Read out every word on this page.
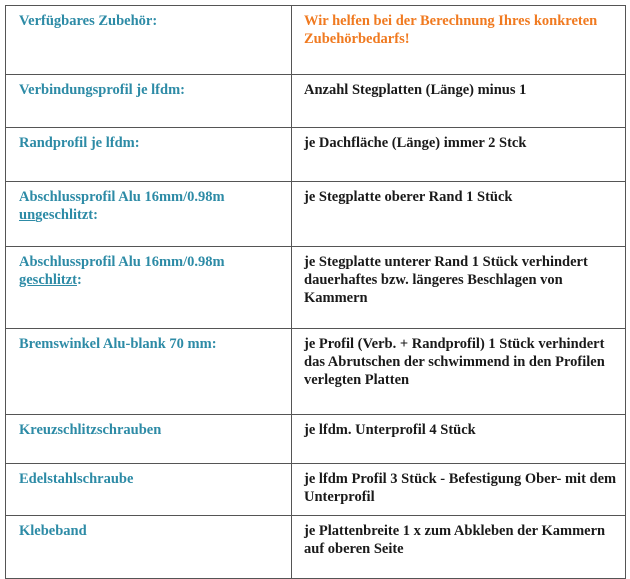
Verfügbares Zubehör:	Wir helfen bei der Berechnung Ihres konkreten Zubehörbedarfs!
Verbindungsprofil je lfdm:	Anzahl Stegplatten (Länge) minus 1
Randprofil je lfdm:	je Dachfläche (Länge) immer 2 Stck
Abschlussprofil Alu 16mm/0.98m
ungeschlitzt:	je Stegplatte oberer Rand 1 Stück
Abschlussprofil Alu 16mm/0.98m
geschlitzt:	je Stegplatte unterer Rand 1 Stück verhindert dauerhaftes bzw. längeres Beschlagen von Kammern
Bremswinkel Alu-blank 70 mm:	je Profil (Verb. + Randprofil) 1 Stück verhindert das Abrutschen der schwimmend in den Profilen verlegten Platten
Kreuzschlitzschrauben	je lfdm. Unterprofil 4 Stück
Edelstahlschraube	je lfdm Profil 3 Stück - Befestigung Ober- mit dem Unterprofil
Klebeband	je Plattenbreite 1 x zum Abkleben der Kammern auf oberen Seite
